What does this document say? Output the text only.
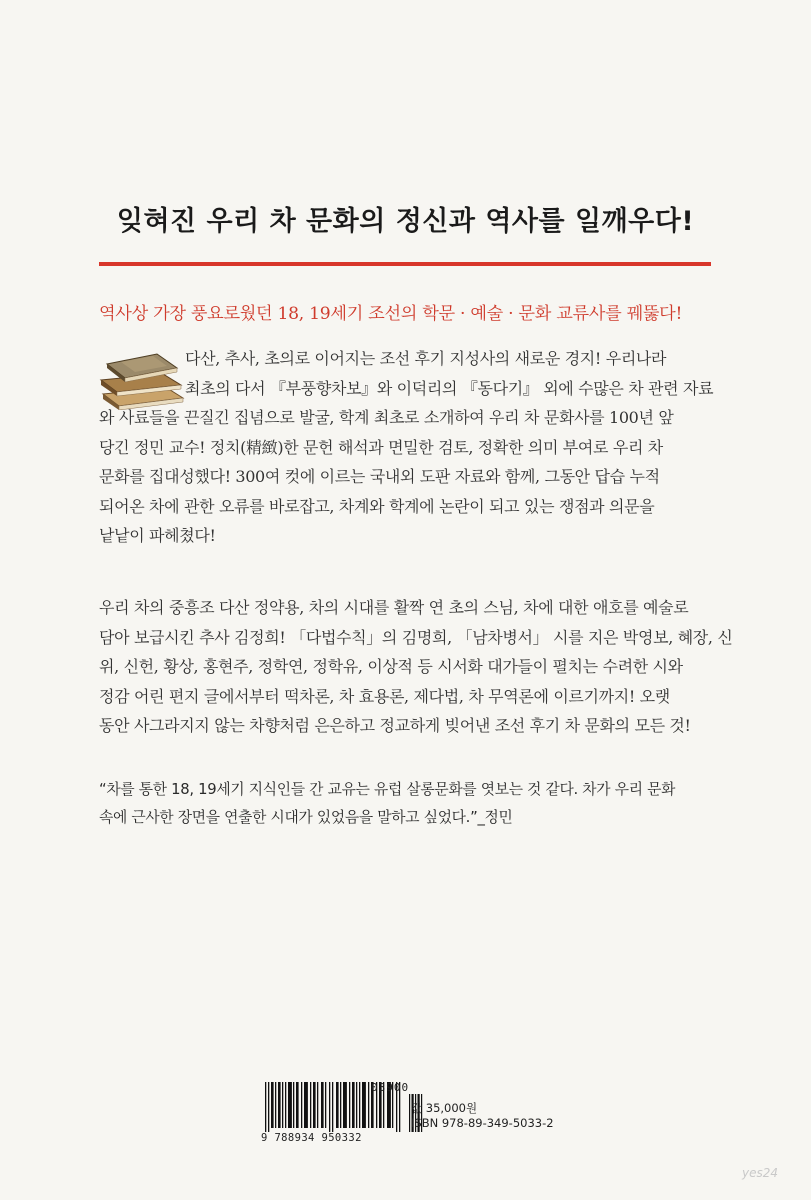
잊혀진 우리 차 문화의 정신과 역사를 일깨우다!
역사상 가장 풍요로웠던 18, 19세기 조선의 학문 · 예술 · 문화 교류사를 꿰뚫다!
다산, 추사, 초의로 이어지는 조선 후기 지성사의 새로운 경지! 우리나라
최초의 다서 『부풍향차보』와 이덕리의 『동다기』 외에 수많은 차 관련 자료
와 사료들을 끈질긴 집념으로 발굴, 학계 최초로 소개하여 우리 차 문화사를 100년 앞
당긴 정민 교수! 정치(精緻)한 문헌 해석과 면밀한 검토, 정확한 의미 부여로 우리 차
문화를 집대성했다! 300여 컷에 이르는 국내외 도판 자료와 함께, 그동안 답습 누적
되어온 차에 관한 오류를 바로잡고, 차계와 학계에 논란이 되고 있는 쟁점과 의문을
낱낱이 파헤쳤다!
우리 차의 중흥조 다산 정약용, 차의 시대를 활짝 연 초의 스님, 차에 대한 애호를 예술로
담아 보급시킨 추사 김정희! 「다법수칙」의 김명희, 「남차병서」 시를 지은 박영보, 혜장, 신
위, 신헌, 황상, 홍현주, 정학연, 정학유, 이상적 등 시서화 대가들이 펼치는 수려한 시와
정감 어린 편지 글에서부터 떡차론, 차 효용론, 제다법, 차 무역론에 이르기까지! 오랫
동안 사그라지지 않는 차향처럼 은은하고 정교하게 빚어낸 조선 후기 차 문화의 모든 것!
“차를 통한 18, 19세기 지식인들 간 교유는 유럽 살롱문화를 엿보는 것 같다. 차가 우리 문화
속에 근사한 장면을 연출한 시대가 있었음을 말하고 싶었다.”_정민
03900
값 35,000원
ISBN 978-89-349-5033-2
9 788934 950332
yes24
